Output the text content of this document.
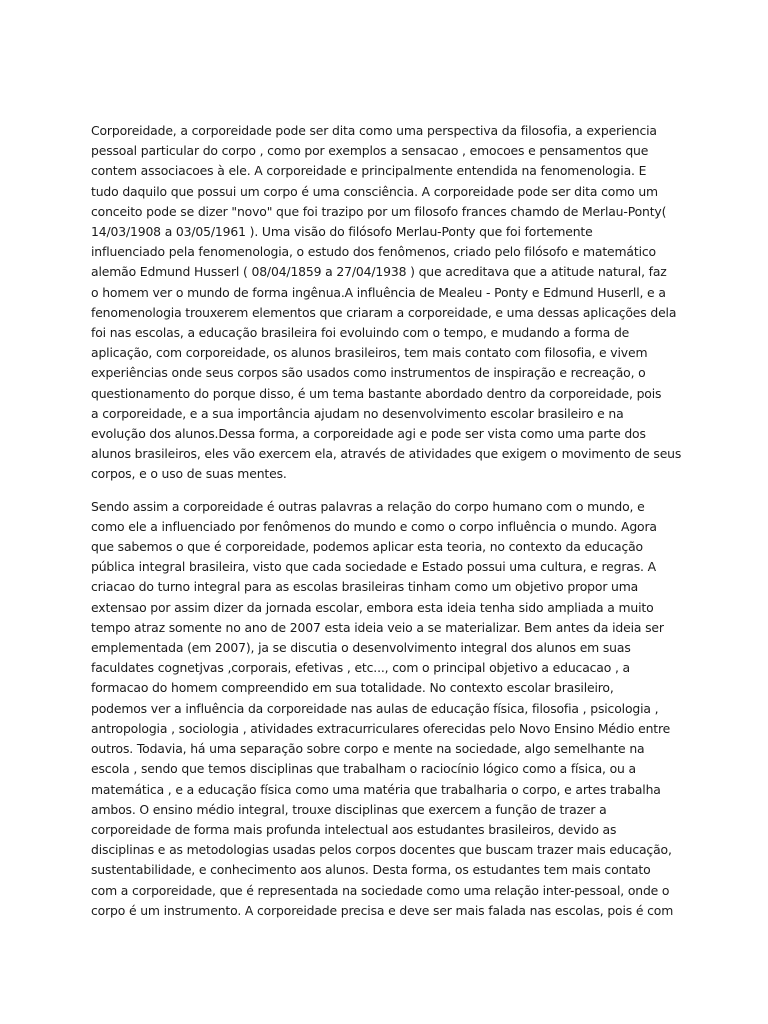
Corporeidade, a corporeidade pode ser dita como uma perspectiva da filosofia, a experiencia
pessoal particular do corpo , como por exemplos a sensacao , emocoes e pensamentos que
contem associacoes à ele. A corporeidade e principalmente entendida na fenomenologia. E
tudo daquilo que possui um corpo é uma consciência. A corporeidade pode ser dita como um
conceito pode se dizer "novo" que foi trazipo por um filosofo frances chamdo de Merlau-Ponty(
14/03/1908 a 03/05/1961 ). Uma visão do filósofo Merlau-Ponty que foi fortemente
influenciado pela fenomenologia, o estudo dos fenômenos, criado pelo filósofo e matemático
alemão Edmund Husserl ( 08/04/1859 a 27/04/1938 ) que acreditava que a atitude natural, faz
o homem ver o mundo de forma ingênua.A influência de Mealeu - Ponty e Edmund Huserll, e a
fenomenologia trouxerem elementos que criaram a corporeidade, e uma dessas aplicações dela
foi nas escolas, a educação brasileira foi evoluindo com o tempo, e mudando a forma de
aplicação, com corporeidade, os alunos brasileiros, tem mais contato com filosofia, e vivem
experiências onde seus corpos são usados como instrumentos de inspiração e recreação, o
questionamento do porque disso, é um tema bastante abordado dentro da corporeidade, pois
a corporeidade, e a sua importância ajudam no desenvolvimento escolar brasileiro e na
evolução dos alunos.Dessa forma, a corporeidade agi e pode ser vista como uma parte dos
alunos brasileiros, eles vão exercem ela, através de atividades que exigem o movimento de seus
corpos, e o uso de suas mentes.

Sendo assim a corporeidade é outras palavras a relação do corpo humano com o mundo, e
como ele a influenciado por fenômenos do mundo e como o corpo influência o mundo. Agora
que sabemos o que é corporeidade, podemos aplicar esta teoria, no contexto da educação
pública integral brasileira, visto que cada sociedade e Estado possui uma cultura, e regras. A
criacao do turno integral para as escolas brasileiras tinham como um objetivo propor uma
extensao por assim dizer da jornada escolar, embora esta ideia tenha sido ampliada a muito
tempo atraz somente no ano de 2007 esta ideia veio a se materializar. Bem antes da ideia ser
emplementada (em 2007), ja se discutia o desenvolvimento integral dos alunos em suas
faculdates cognetjvas ,corporais, efetivas , etc..., com o principal objetivo a educacao , a
formacao do homem compreendido em sua totalidade. No contexto escolar brasileiro,
podemos ver a influência da corporeidade nas aulas de educação física, filosofia , psicologia ,
antropologia , sociologia , atividades extracurriculares oferecidas pelo Novo Ensino Médio entre
outros. Todavia, há uma separação sobre corpo e mente na sociedade, algo semelhante na
escola , sendo que temos disciplinas que trabalham o raciocínio lógico como a física, ou a
matemática , e a educação física como uma matéria que trabalharia o corpo, e artes trabalha
ambos. O ensino médio integral, trouxe disciplinas que exercem a função de trazer a
corporeidade de forma mais profunda intelectual aos estudantes brasileiros, devido as
disciplinas e as metodologias usadas pelos corpos docentes que buscam trazer mais educação,
sustentabilidade, e conhecimento aos alunos. Desta forma, os estudantes tem mais contato
com a corporeidade, que é representada na sociedade como uma relação inter-pessoal, onde o
corpo é um instrumento. A corporeidade precisa e deve ser mais falada nas escolas, pois é com
